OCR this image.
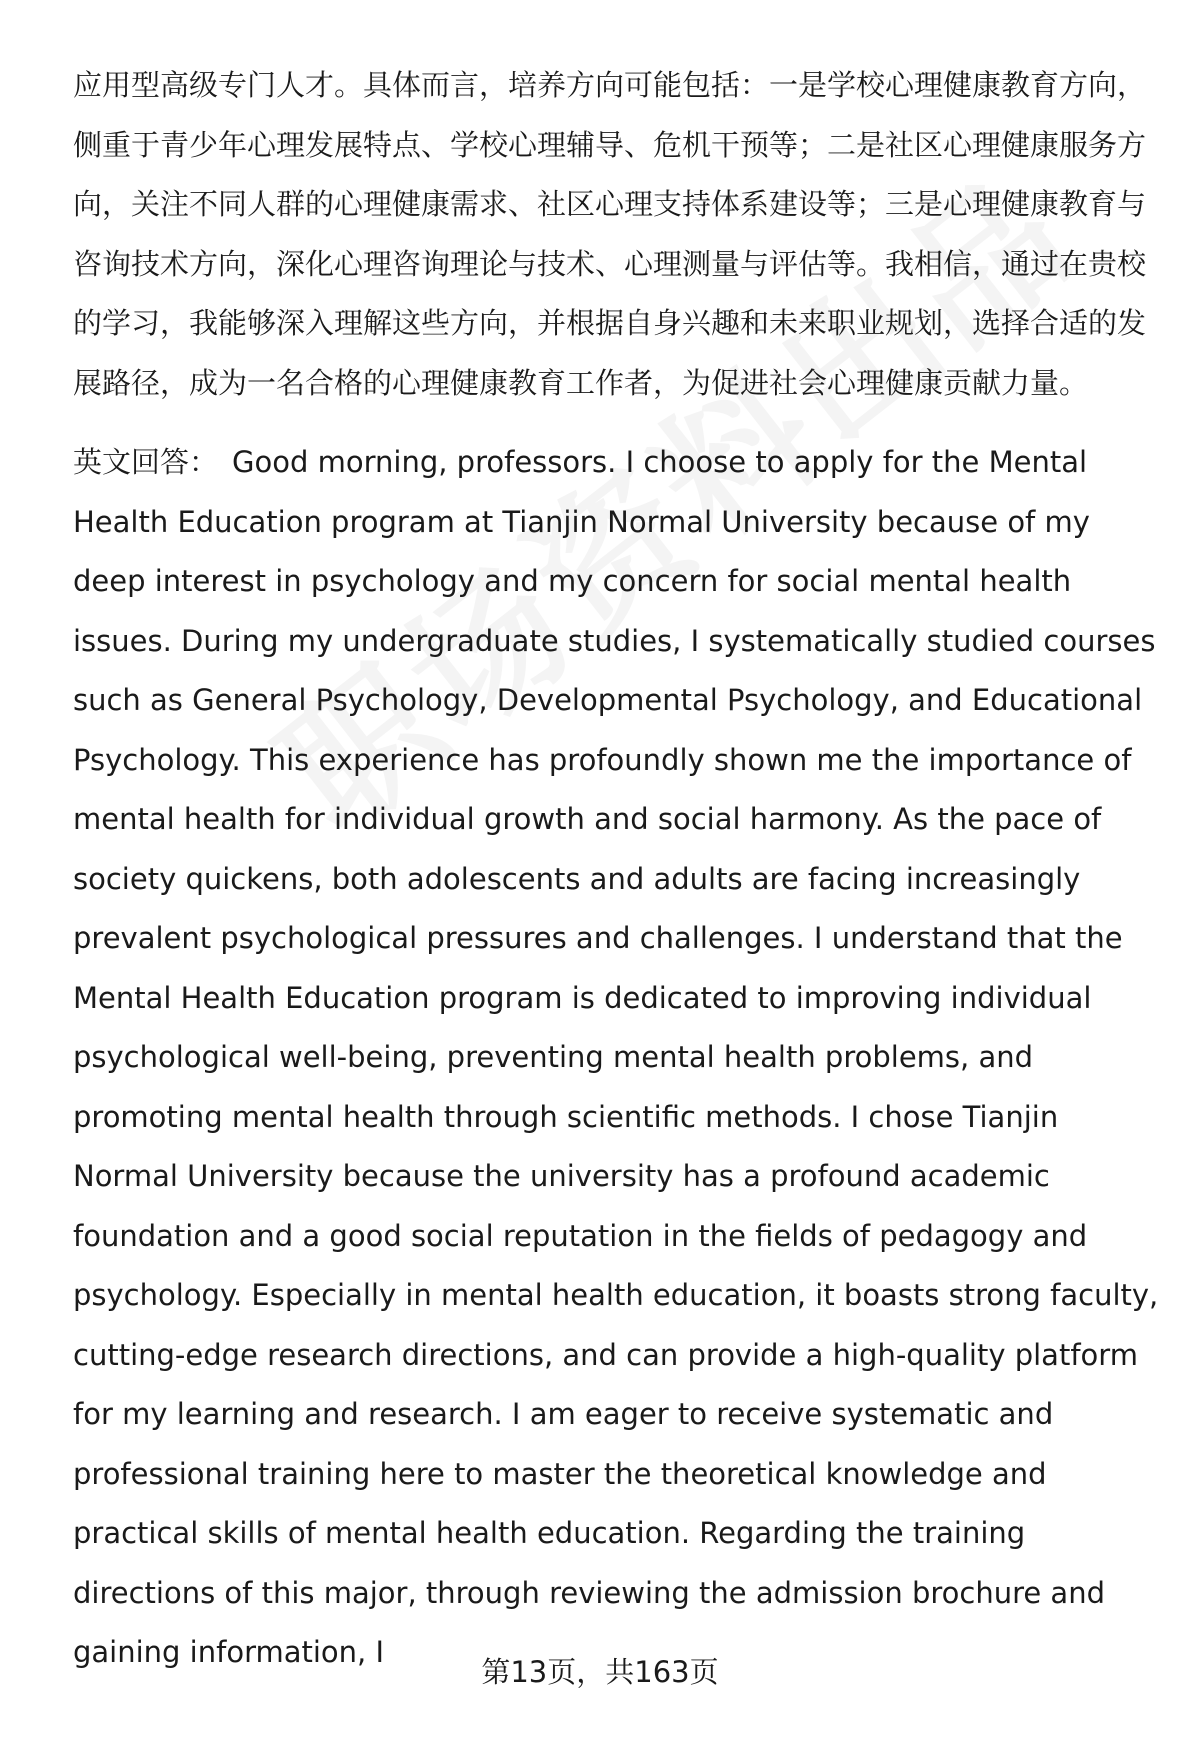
应用型高级专门人才。具体而言，培养方向可能包括：一是学校心理健康教育方向，侧重于青少年心理发展特点、学校心理辅导、危机干预等；二是社区心理健康服务方向，关注不同人群的心理健康需求、社区心理支持体系建设等；三是心理健康教育与咨询技术方向，深化心理咨询理论与技术、心理测量与评估等。我相信，通过在贵校的学习，我能够深入理解这些方向，并根据自身兴趣和未来职业规划，选择合适的发展路径，成为一名合格的心理健康教育工作者，为促进社会心理健康贡献力量。

英文回答： Good morning, professors. I choose to apply for the Mental Health Education program at Tianjin Normal University because of my deep interest in psychology and my concern for social mental health issues. During my undergraduate studies, I systematically studied courses such as General Psychology, Developmental Psychology, and Educational Psychology. This experience has profoundly shown me the importance of mental health for individual growth and social harmony. As the pace of society quickens, both adolescents and adults are facing increasingly prevalent psychological pressures and challenges. I understand that the Mental Health Education program is dedicated to improving individual psychological well-being, preventing mental health problems, and promoting mental health through scientific methods. I chose Tianjin Normal University because the university has a profound academic foundation and a good social reputation in the fields of pedagogy and psychology. Especially in mental health education, it boasts strong faculty, cutting-edge research directions, and can provide a high-quality platform for my learning and research. I am eager to receive systematic and professional training here to master the theoretical knowledge and practical skills of mental health education. Regarding the training directions of this major, through reviewing the admission brochure and gaining information, I

第13页，共163页
